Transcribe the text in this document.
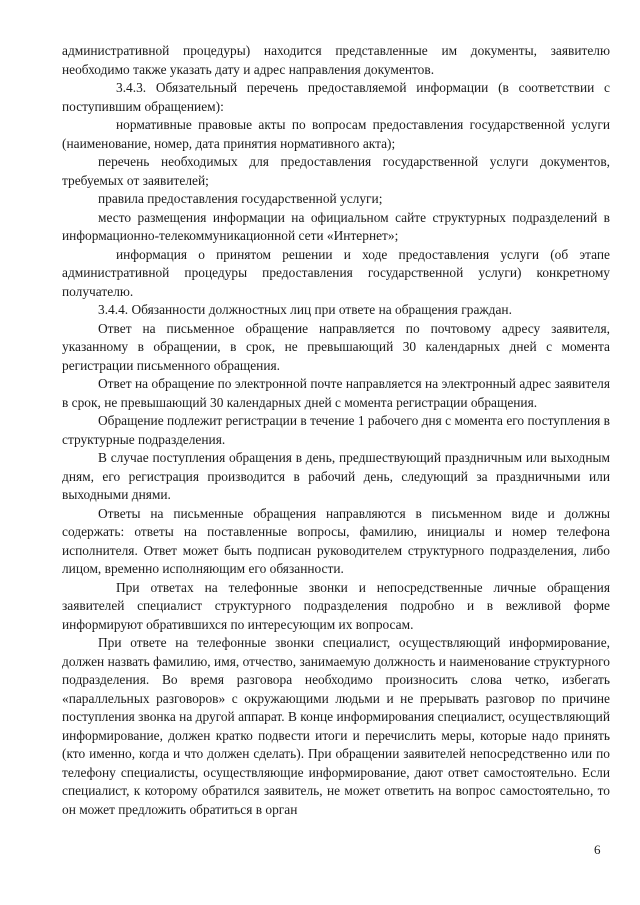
административной процедуры) находится представленные им документы, заявителю необходимо также указать дату и адрес направления документов.

3.4.3. Обязательный перечень предоставляемой информации (в соответствии с поступившим обращением):

нормативные правовые акты по вопросам предоставления государственной услуги (наименование, номер, дата принятия нормативного акта);

перечень необходимых для предоставления государственной услуги документов, требуемых от заявителей;

правила предоставления государственной услуги;

место размещения информации на официальном сайте структурных подразделений в информационно-телекоммуникационной сети «Интернет»;

информация о принятом решении и ходе предоставления услуги (об этапе административной процедуры предоставления государственной услуги) конкретному получателю.

3.4.4. Обязанности должностных лиц при ответе на обращения граждан.

Ответ на письменное обращение направляется по почтовому адресу заявителя, указанному в обращении, в срок, не превышающий 30 календарных дней с момента регистрации письменного обращения.

Ответ на обращение по электронной почте направляется на электронный адрес заявителя в срок, не превышающий 30 календарных дней с момента регистрации обращения.

Обращение подлежит регистрации в течение 1 рабочего дня с момента его поступления в структурные подразделения.

В случае поступления обращения в день, предшествующий праздничным или выходным дням, его регистрация производится в рабочий день, следующий за праздничными или выходными днями.

Ответы на письменные обращения направляются в письменном виде и должны содержать: ответы на поставленные вопросы, фамилию, инициалы и номер телефона исполнителя. Ответ может быть подписан руководителем структурного подразделения, либо лицом, временно исполняющим его обязанности.

При ответах на телефонные звонки и непосредственные личные обращения заявителей специалист структурного подразделения подробно и в вежливой форме информируют обратившихся по интересующим их вопросам.

При ответе на телефонные звонки специалист, осуществляющий информирование, должен назвать фамилию, имя, отчество, занимаемую должность и наименование структурного подразделения. Во время разговора необходимо произносить слова четко, избегать «параллельных разговоров» с окружающими людьми и не прерывать разговор по причине поступления звонка на другой аппарат. В конце информирования специалист, осуществляющий информирование, должен кратко подвести итоги и перечислить меры, которые надо принять (кто именно, когда и что должен сделать). При обращении заявителей непосредственно или по телефону специалисты, осуществляющие информирование, дают ответ самостоятельно. Если специалист, к которому обратился заявитель, не может ответить на вопрос самостоятельно, то он может предложить обратиться в орган

6
